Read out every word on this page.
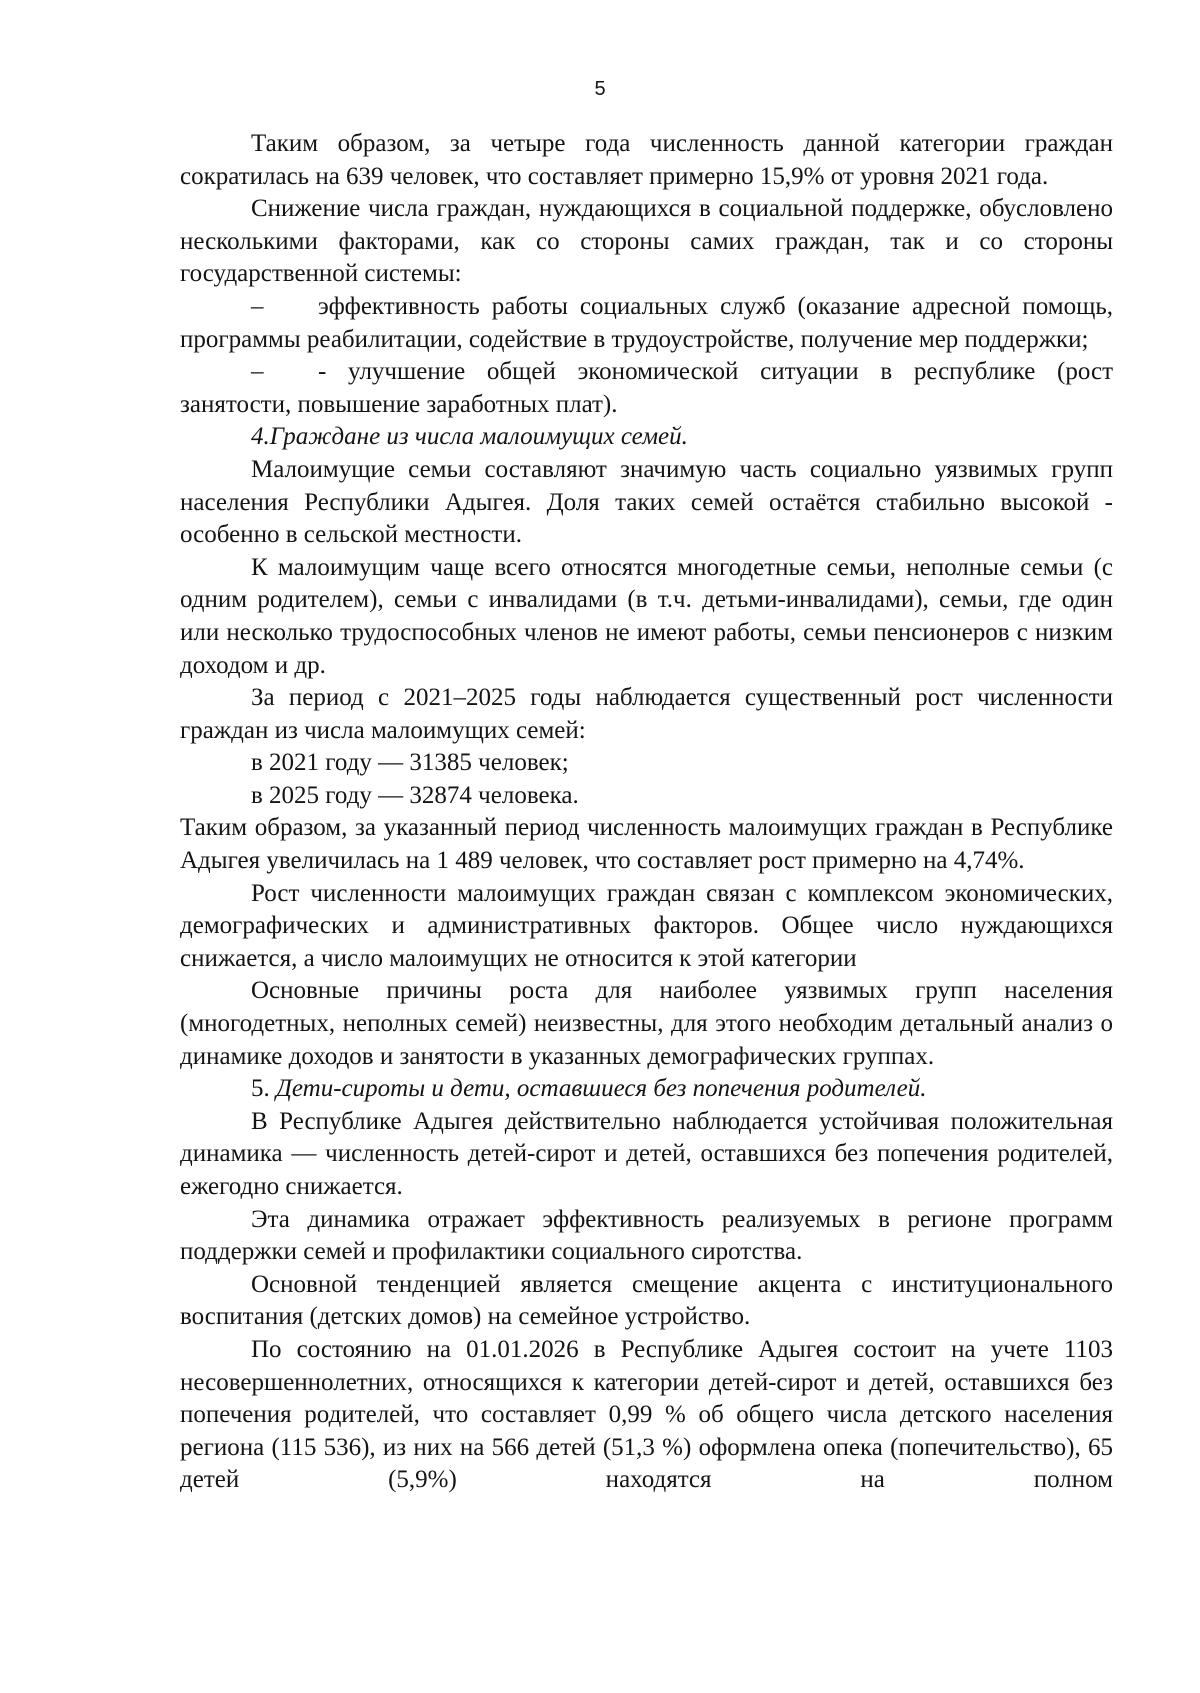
5

Таким образом, за четыре года численность данной категории граждан сократилась на 639 человек, что составляет примерно 15,9% от уровня 2021 года.

Снижение числа граждан, нуждающихся в социальной поддержке, обусловлено несколькими факторами, как со стороны самих граждан, так и со стороны государственной системы:

–	эффективность работы социальных служб (оказание адресной помощь, программы реабилитации, содействие в трудоустройстве, получение мер поддержки;

–	- улучшение общей экономической ситуации в республике (рост занятости, повышение заработных плат).

4.Граждане из числа малоимущих семей.

Малоимущие семьи составляют значимую часть социально уязвимых групп населения Республики Адыгея. Доля таких семей остаётся стабильно высокой - особенно в сельской местности.

К малоимущим чаще всего относятся многодетные семьи, неполные семьи (с одним родителем), семьи с инвалидами (в т.ч. детьми-инвалидами), семьи, где один или несколько трудоспособных членов не имеют работы, семьи пенсионеров с низким доходом и др.

За период с 2021–2025 годы наблюдается существенный рост численности граждан из числа малоимущих семей:

в 2021 году — 31385 человек;

в 2025 году — 32874 человека.

Таким образом, за указанный период численность малоимущих граждан в Республике Адыгея увеличилась на 1 489 человек, что составляет рост примерно на 4,74%.

Рост численности малоимущих граждан связан с комплексом экономических, демографических и административных факторов. Общее число нуждающихся снижается, а число малоимущих не относится к этой категории

Основные причины роста для наиболее уязвимых групп населения (многодетных, неполных семей) неизвестны, для этого необходим детальный анализ о динамике доходов и занятости в указанных демографических группах.

5. Дети-сироты и дети, оставшиеся без попечения родителей.

В Республике Адыгея действительно наблюдается устойчивая положительная динамика — численность детей-сирот и детей, оставшихся без попечения родителей, ежегодно снижается.

Эта динамика отражает эффективность реализуемых в регионе программ поддержки семей и профилактики социального сиротства.

Основной тенденцией является смещение акцента с институционального воспитания (детских домов) на семейное устройство.

По состоянию на 01.01.2026 в Республике Адыгея состоит на учете 1103 несовершеннолетних, относящихся к категории детей-сирот и детей, оставшихся без попечения родителей, что составляет 0,99 % об общего числа детского населения региона (115 536), из них на 566 детей (51,3 %) оформлена опека (попечительство), 65 детей (5,9%) находятся на полном
